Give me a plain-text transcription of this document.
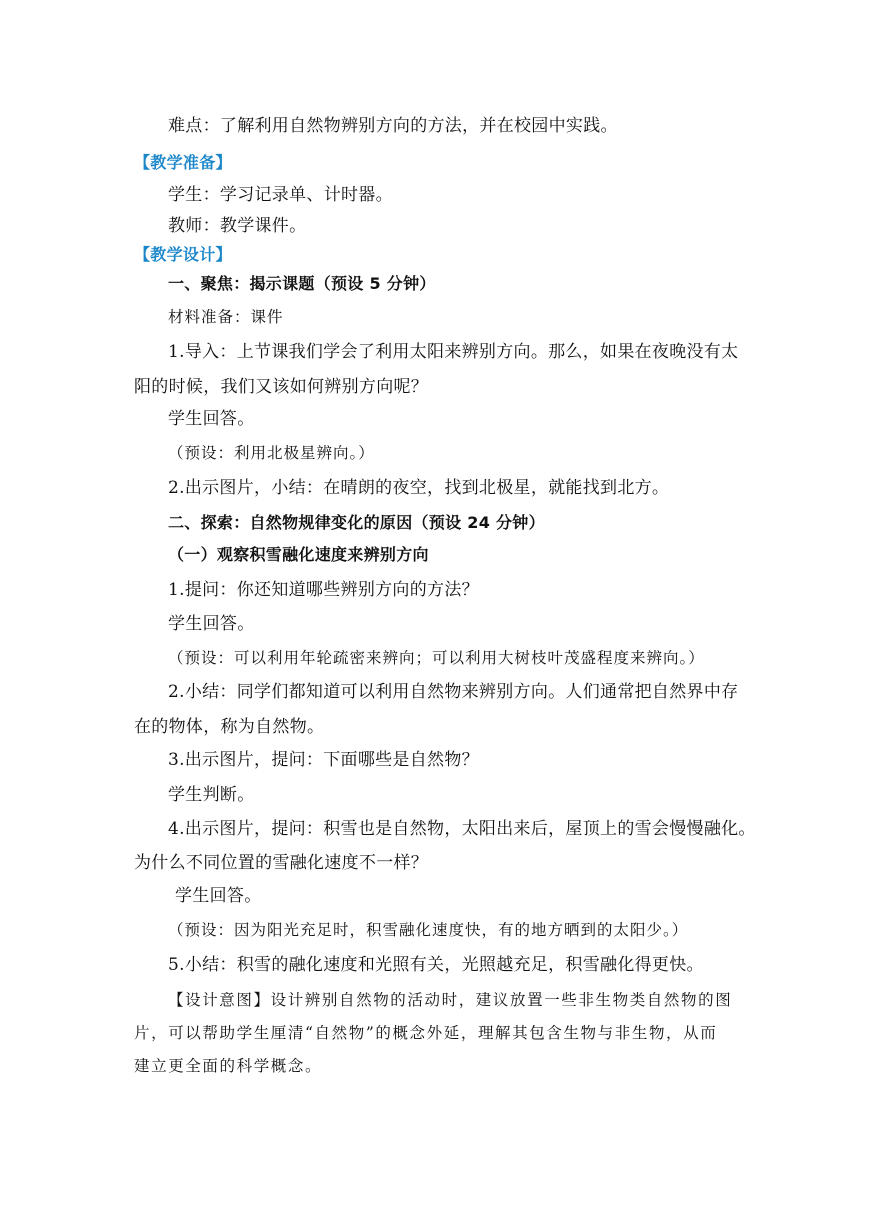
难点：了解利用自然物辨别方向的方法，并在校园中实践。
【教学准备】
学生：学习记录单、计时器。
教师：教学课件。
【教学设计】
一、聚焦：揭示课题（预设 5 分钟）
材料准备：课件
1.导入：上节课我们学会了利用太阳来辨别方向。那么，如果在夜晚没有太
阳的时候，我们又该如何辨别方向呢？
学生回答。
（预设：利用北极星辨向。）
2.出示图片，小结：在晴朗的夜空，找到北极星，就能找到北方。
二、探索：自然物规律变化的原因（预设 24 分钟）
（一）观察积雪融化速度来辨别方向
1.提问：你还知道哪些辨别方向的方法？
学生回答。
（预设：可以利用年轮疏密来辨向；可以利用大树枝叶茂盛程度来辨向。）
2.小结：同学们都知道可以利用自然物来辨别方向。人们通常把自然界中存
在的物体，称为自然物。
3.出示图片，提问：下面哪些是自然物？
学生判断。
4.出示图片，提问：积雪也是自然物，太阳出来后，屋顶上的雪会慢慢融化。
为什么不同位置的雪融化速度不一样？
学生回答。
（预设：因为阳光充足时，积雪融化速度快，有的地方晒到的太阳少。）
5.小结：积雪的融化速度和光照有关，光照越充足，积雪融化得更快。
【设计意图】设计辨别自然物的活动时，建议放置一些非生物类自然物的图
片，可以帮助学生厘清“自然物”的概念外延，理解其包含生物与非生物，从而
建立更全面的科学概念。
